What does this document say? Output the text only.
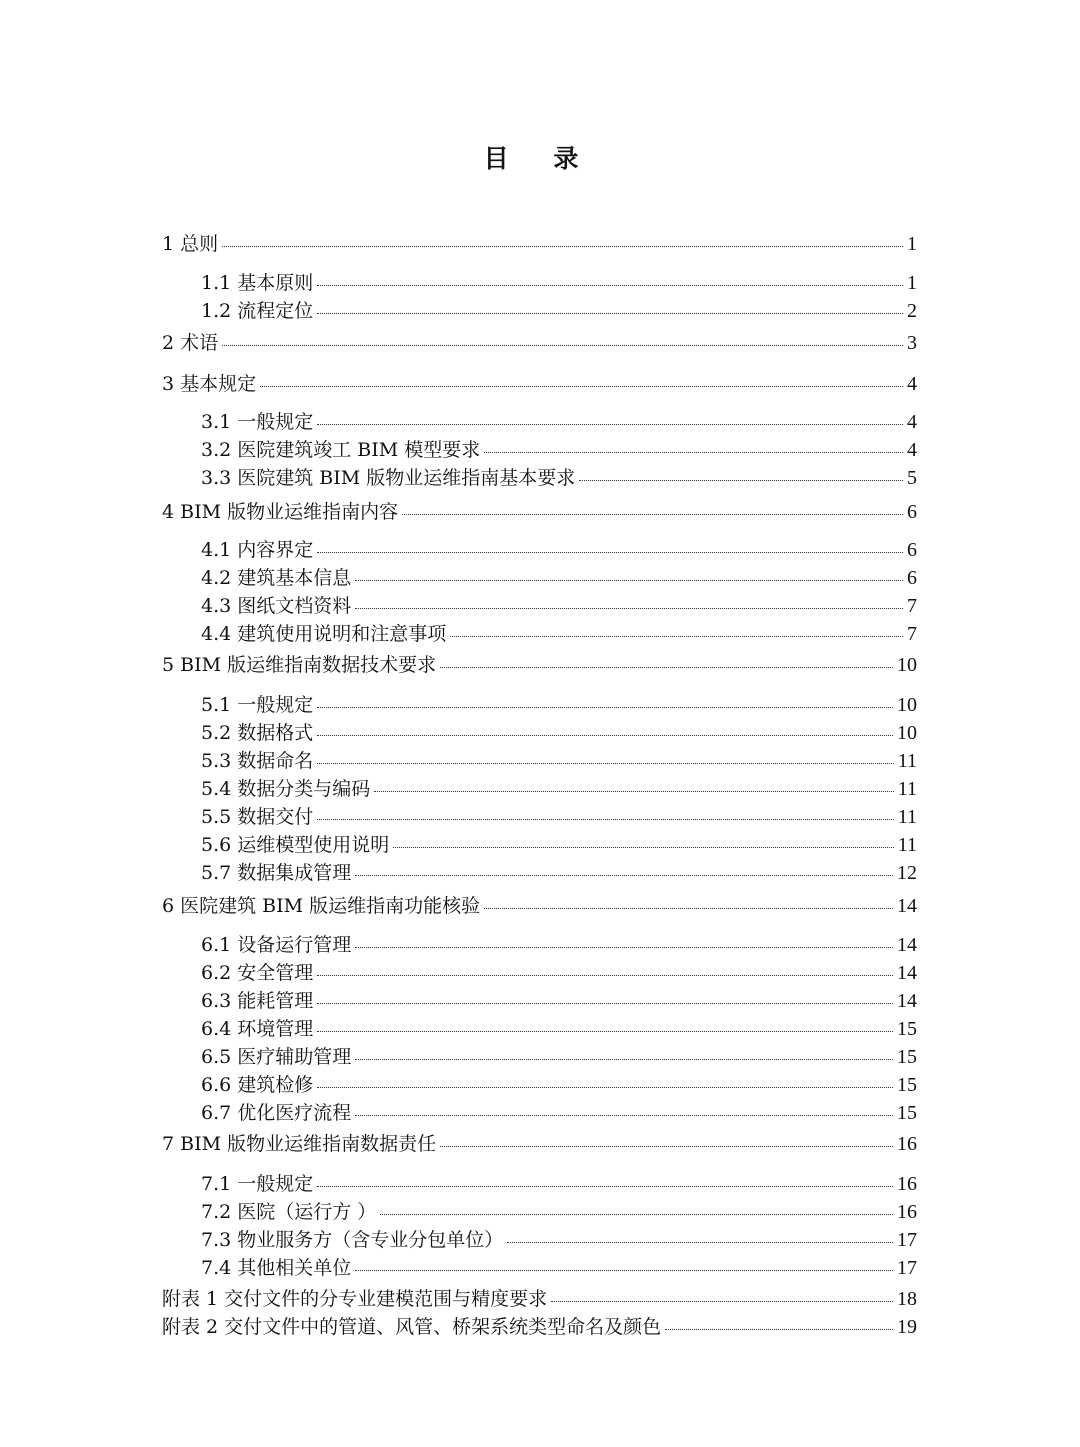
目 录
1 总则	1
1.1 基本原则	1
1.2 流程定位	2
2 术语	3
3 基本规定	4
3.1 一般规定	4
3.2 医院建筑竣工 BIM 模型要求	4
3.3 医院建筑 BIM 版物业运维指南基本要求	5
4 BIM 版物业运维指南内容	6
4.1 内容界定	6
4.2 建筑基本信息	6
4.3 图纸文档资料	7
4.4 建筑使用说明和注意事项	7
5 BIM 版运维指南数据技术要求	10
5.1 一般规定	10
5.2 数据格式	10
5.3 数据命名	11
5.4 数据分类与编码	11
5.5 数据交付	11
5.6 运维模型使用说明	11
5.7 数据集成管理	12
6 医院建筑 BIM 版运维指南功能核验	14
6.1 设备运行管理	14
6.2 安全管理	14
6.3 能耗管理	14
6.4 环境管理	15
6.5 医疗辅助管理	15
6.6 建筑检修	15
6.7 优化医疗流程	15
7 BIM 版物业运维指南数据责任	16
7.1 一般规定	16
7.2 医院（运行方 ）	16
7.3 物业服务方（含专业分包单位）	17
7.4 其他相关单位	17
附表 1 交付文件的分专业建模范围与精度要求	18
附表 2 交付文件中的管道、风管、桥架系统类型命名及颜色	19
